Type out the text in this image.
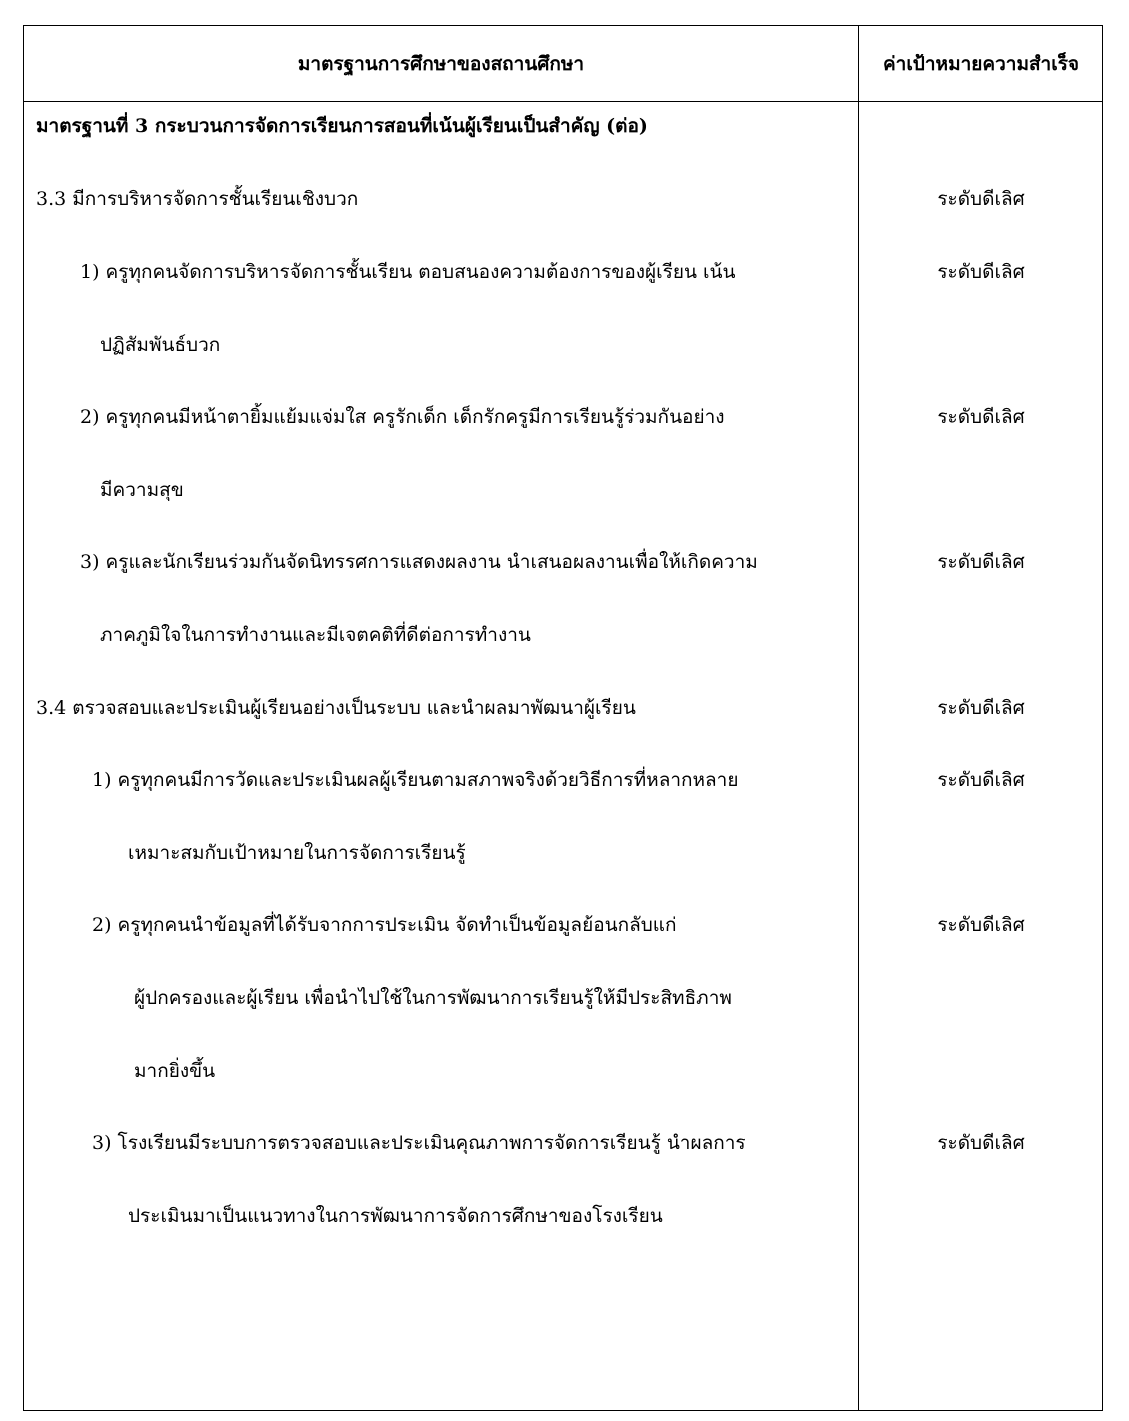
มาตรฐานการศึกษาของสถานศึกษา	ค่าเป้าหมายความสำเร็จ
มาตรฐานที่ 3 กระบวนการจัดการเรียนการสอนที่เน้นผู้เรียนเป็นสำคัญ (ต่อ)
3.3 มีการบริหารจัดการชั้นเรียนเชิงบวก	ระดับดีเลิศ
1) ครูทุกคนจัดการบริหารจัดการชั้นเรียน ตอบสนองความต้องการของผู้เรียน เน้น	ระดับดีเลิศ
ปฏิสัมพันธ์บวก
2) ครูทุกคนมีหน้าตายิ้มแย้มแจ่มใส ครูรักเด็ก เด็กรักครูมีการเรียนรู้ร่วมกันอย่าง	ระดับดีเลิศ
มีความสุข
3) ครูและนักเรียนร่วมกันจัดนิทรรศการแสดงผลงาน นำเสนอผลงานเพื่อให้เกิดความ	ระดับดีเลิศ
ภาคภูมิใจในการทำงานและมีเจตคติที่ดีต่อการทำงาน
3.4 ตรวจสอบและประเมินผู้เรียนอย่างเป็นระบบ และนำผลมาพัฒนาผู้เรียน	ระดับดีเลิศ
1) ครูทุกคนมีการวัดและประเมินผลผู้เรียนตามสภาพจริงด้วยวิธีการที่หลากหลาย	ระดับดีเลิศ
เหมาะสมกับเป้าหมายในการจัดการเรียนรู้
2) ครูทุกคนนำข้อมูลที่ได้รับจากการประเมิน จัดทำเป็นข้อมูลย้อนกลับแก่	ระดับดีเลิศ
ผู้ปกครองและผู้เรียน เพื่อนำไปใช้ในการพัฒนาการเรียนรู้ให้มีประสิทธิภาพ
มากยิ่งขึ้น
3) โรงเรียนมีระบบการตรวจสอบและประเมินคุณภาพการจัดการเรียนรู้ นำผลการ	ระดับดีเลิศ
ประเมินมาเป็นแนวทางในการพัฒนาการจัดการศึกษาของโรงเรียน
